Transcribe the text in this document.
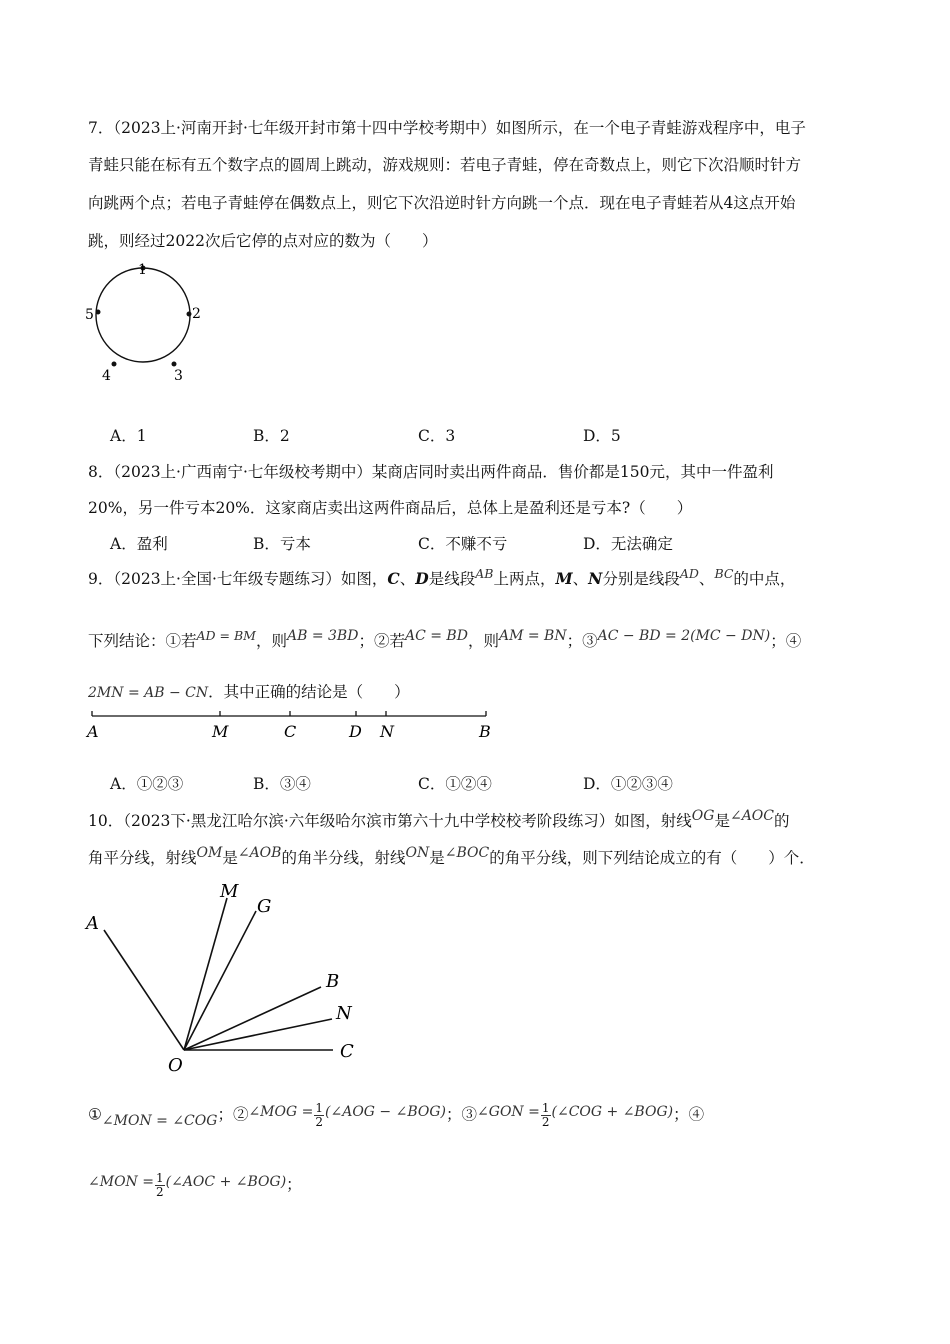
7．（2023上·河南开封·七年级开封市第十四中学校考期中）如图所示，在一个电子青蛙游戏程序中，电子
青蛙只能在标有五个数字点的圆周上跳动，游戏规则：若电子青蛙，停在奇数点上，则它下次沿顺时针方
向跳两个点；若电子青蛙停在偶数点上，则它下次沿逆时针方向跳一个点．现在电子青蛙若从4这点开始
跳，则经过2022次后它停的点对应的数为（　　）
1
2
3
4
5
A．1	B．2	C．3	D．5
8．（2023上·广西南宁·七年级校考期中）某商店同时卖出两件商品．售价都是150元，其中一件盈利
20%，另一件亏本20%．这家商店卖出这两件商品后，总体上是盈利还是亏本?（　　）
A．盈利	B．亏本	C．不赚不亏	D．无法确定
9．（2023上·全国·七年级专题练习）如图，C、D是线段$^{AB}$上两点，M、N分别是线段$^{AD}$、$^{BC}$的中点，
下列结论：①若$^{AD = BM}$，则AB = 3BD；②若AC = BD，则AM = BN；③AC − BD = 2(MC − DN)；④
2MN = AB − CN．其中正确的结论是（　　）
A	M	C	D N	B
A．①②③	B．③④	C．①②④	D．①②③④
10．（2023下·黑龙江哈尔滨·六年级哈尔滨市第六十九中学校校考阶段练习）如图，射线OG是∠AOC的
角平分线，射线OM是∠AOB的角半分线，射线ON是∠BOC的角平分线，则下列结论成立的有（　　）个．
A
M
G
B
N
C
O
①∠MON = ∠COG；②∠MOG = $\frac{1}{2}$ (∠AOG − ∠BOG)；③∠GON = $\frac{1}{2}$ (∠COG + ∠BOG)；④
∠MON = $\frac{1}{2}$ (∠AOC + ∠BOG)；
